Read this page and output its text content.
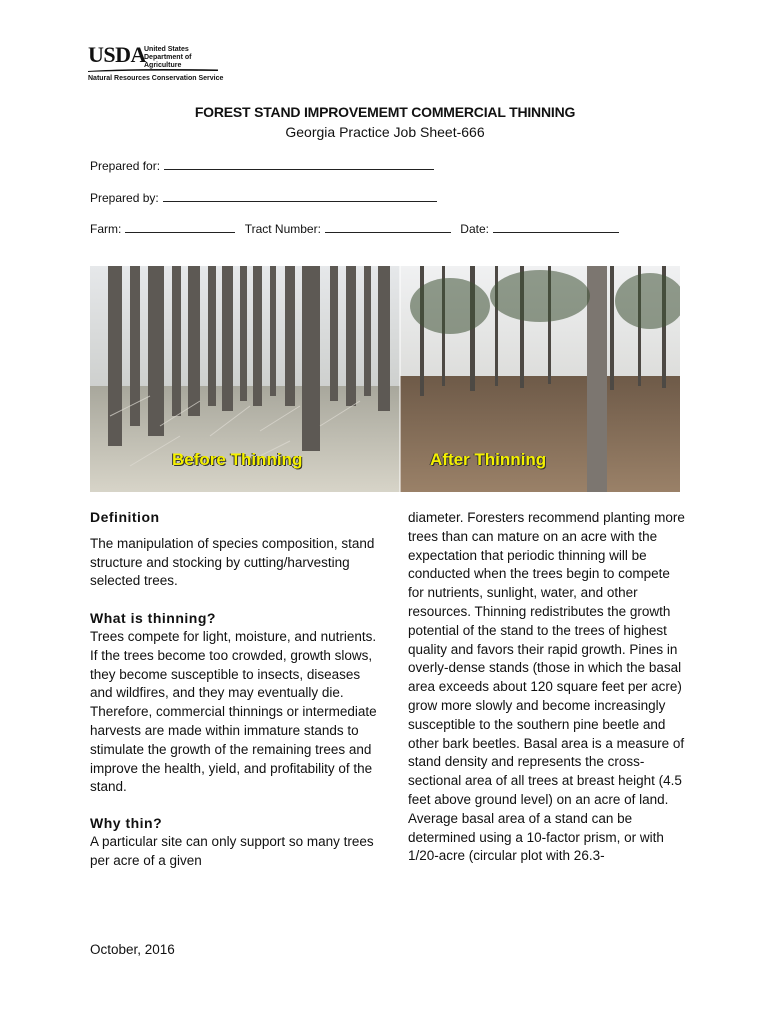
USDA
United States
Department of
Agriculture
Natural Resources Conservation Service
FOREST STAND IMPROVEMEMT COMMERCIAL THINNING
Georgia Practice Job Sheet-666
Prepared for:
Prepared by:
Farm:	Tract Number:	Date:
Before Thinning	After Thinning
Definition

The manipulation of species composition, stand structure and stocking by cutting/harvesting selected trees.

What is thinning?

Trees compete for light, moisture, and nutrients. If the trees become too crowded, growth slows, they become susceptible to insects, diseases and wildfires, and they may eventually die. Therefore, commercial thinnings or intermediate harvests are made within immature stands to stimulate the growth of the remaining trees and improve the health, yield, and profitability of the stand.

Why thin?

A particular site can only support so many trees per acre of a given

diameter. Foresters recommend planting more trees than can mature on an acre with the expectation that periodic thinning will be conducted when the trees begin to compete for nutrients, sunlight, water, and other resources. Thinning redistributes the growth potential of the stand to the trees of highest quality and favors their rapid growth. Pines in overly-dense stands (those in which the basal area exceeds about 120 square feet per acre) grow more slowly and become increasingly susceptible to the southern pine beetle and other bark beetles. Basal area is a measure of stand density and represents the cross-sectional area of all trees at breast height (4.5 feet above ground level) on an acre of land. Average basal area of a stand can be determined using a 10-factor prism, or with 1/20-acre (circular plot with 26.3-

October, 2016
